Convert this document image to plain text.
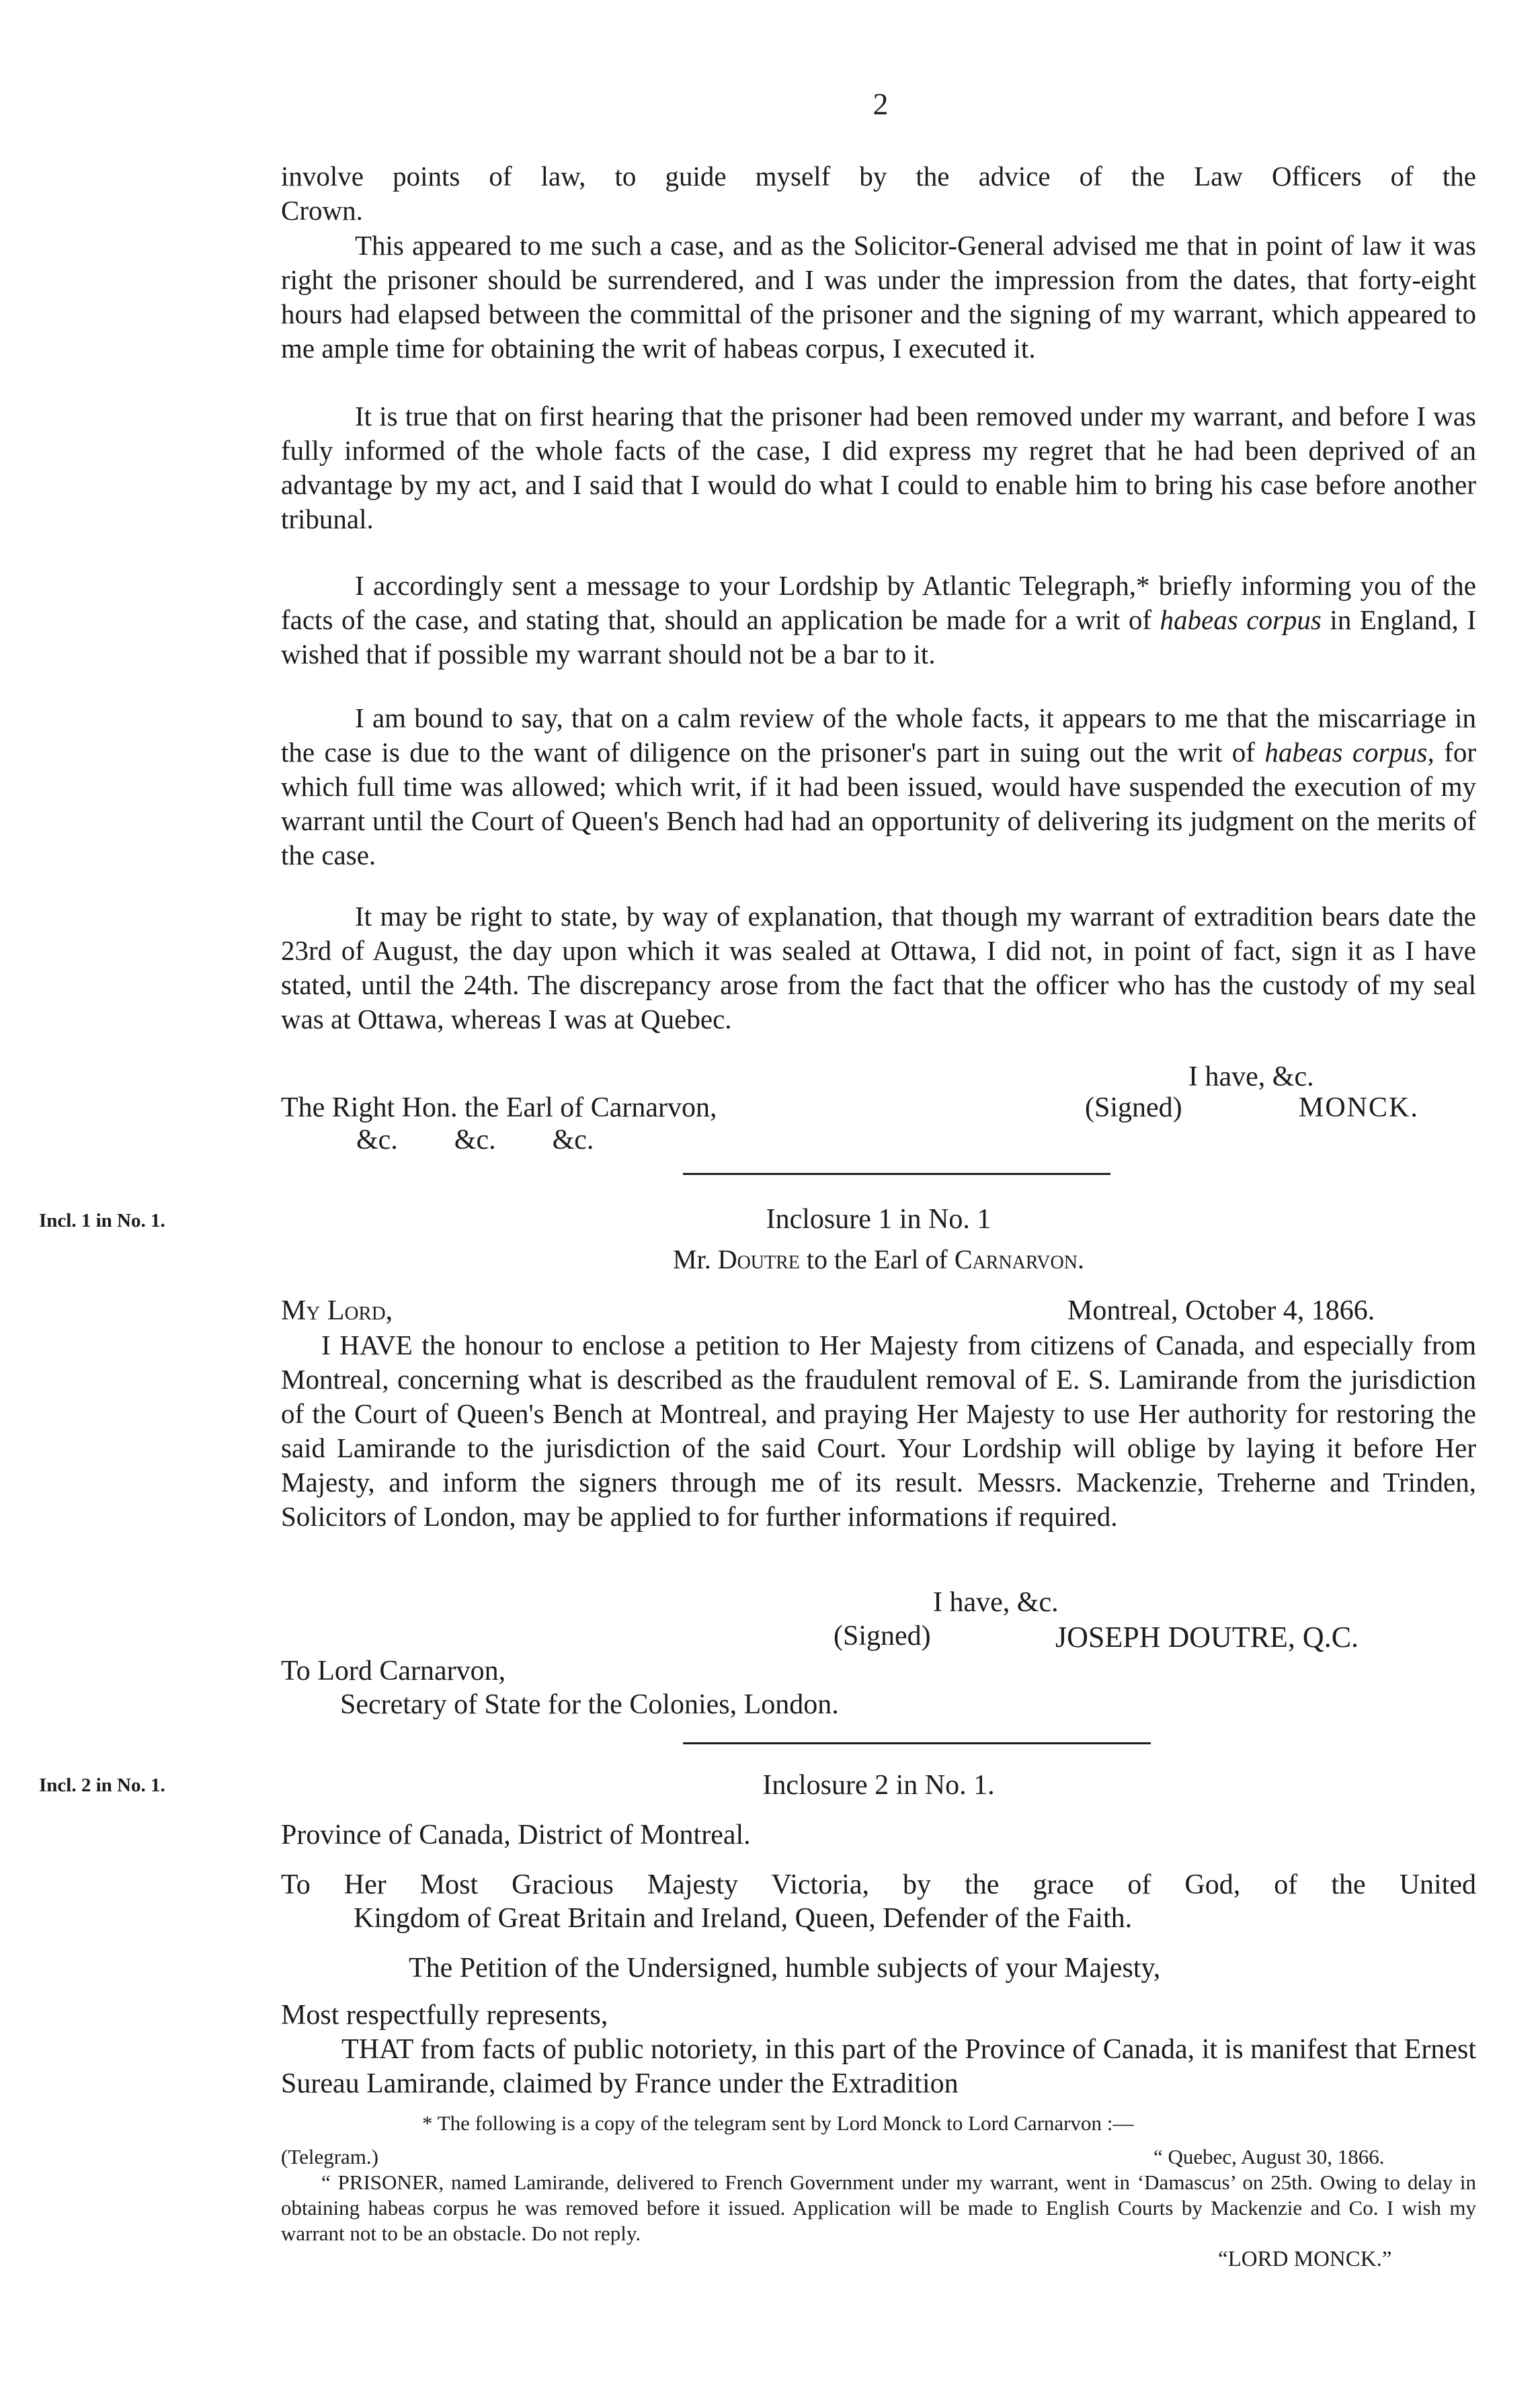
2
involve points of law, to guide myself by the advice of the Law Officers of the
Crown.
This appeared to me such a case, and as the Solicitor-General advised me that in point of law it was right the prisoner should be surrendered, and I was under the impression from the dates, that forty-eight hours had elapsed between the committal of the prisoner and the signing of my warrant, which appeared to me ample time for obtaining the writ of habeas corpus, I executed it.
It is true that on first hearing that the prisoner had been removed under my warrant, and before I was fully informed of the whole facts of the case, I did express my regret that he had been deprived of an advantage by my act, and I said that I would do what I could to enable him to bring his case before another tribunal.
I accordingly sent a message to your Lordship by Atlantic Telegraph,* briefly informing you of the facts of the case, and stating that, should an application be made for a writ of habeas corpus in England, I wished that if possible my warrant should not be a bar to it.
I am bound to say, that on a calm review of the whole facts, it appears to me that the miscarriage in the case is due to the want of diligence on the prisoner's part in suing out the writ of habeas corpus, for which full time was allowed; which writ, if it had been issued, would have suspended the execution of my warrant until the Court of Queen's Bench had had an opportunity of delivering its judgment on the merits of the case.
It may be right to state, by way of explanation, that though my warrant of extradition bears date the 23rd of August, the day upon which it was sealed at Ottawa, I did not, in point of fact, sign it as I have stated, until the 24th. The discrepancy arose from the fact that the officer who has the custody of my seal was at Ottawa, whereas I was at Quebec.
I have, &c.
The Right Hon. the Earl of Carnarvon,	(Signed)	MONCK.
&c.        &c.        &c.
Incl. 1 in No. 1.	Inclosure 1 in No. 1
Mr. Doutre to the Earl of Carnarvon.
My Lord,	Montreal, October 4, 1866.
I HAVE the honour to enclose a petition to Her Majesty from citizens of Canada, and especially from Montreal, concerning what is described as the fraudulent removal of E. S. Lamirande from the jurisdiction of the Court of Queen's Bench at Montreal, and praying Her Majesty to use Her authority for restoring the said Lamirande to the jurisdiction of the said Court. Your Lordship will oblige by laying it before Her Majesty, and inform the signers through me of its result. Messrs. Mackenzie, Treherne and Trinden, Solicitors of London, may be applied to for further informations if required.
I have, &c.
(Signed)	JOSEPH DOUTRE, Q.C.
To Lord Carnarvon,
Secretary of State for the Colonies, London.
Incl. 2 in No. 1.	Inclosure 2 in No. 1.
Province of Canada, District of Montreal.
To Her Most Gracious Majesty Victoria, by the grace of God, of the United
Kingdom of Great Britain and Ireland, Queen, Defender of the Faith.
The Petition of the Undersigned, humble subjects of your Majesty,
Most respectfully represents,
THAT from facts of public notoriety, in this part of the Province of Canada, it is manifest that Ernest Sureau Lamirande, claimed by France under the Extradition
* The following is a copy of the telegram sent by Lord Monck to Lord Carnarvon :—
(Telegram.)	“ Quebec, August 30, 1866.
“ PRISONER, named Lamirande, delivered to French Government under my warrant, went in ‘Damascus’ on 25th. Owing to delay in obtaining habeas corpus he was removed before it issued. Application will be made to English Courts by Mackenzie and Co. I wish my warrant not to be an obstacle. Do not reply.
“LORD MONCK.”
